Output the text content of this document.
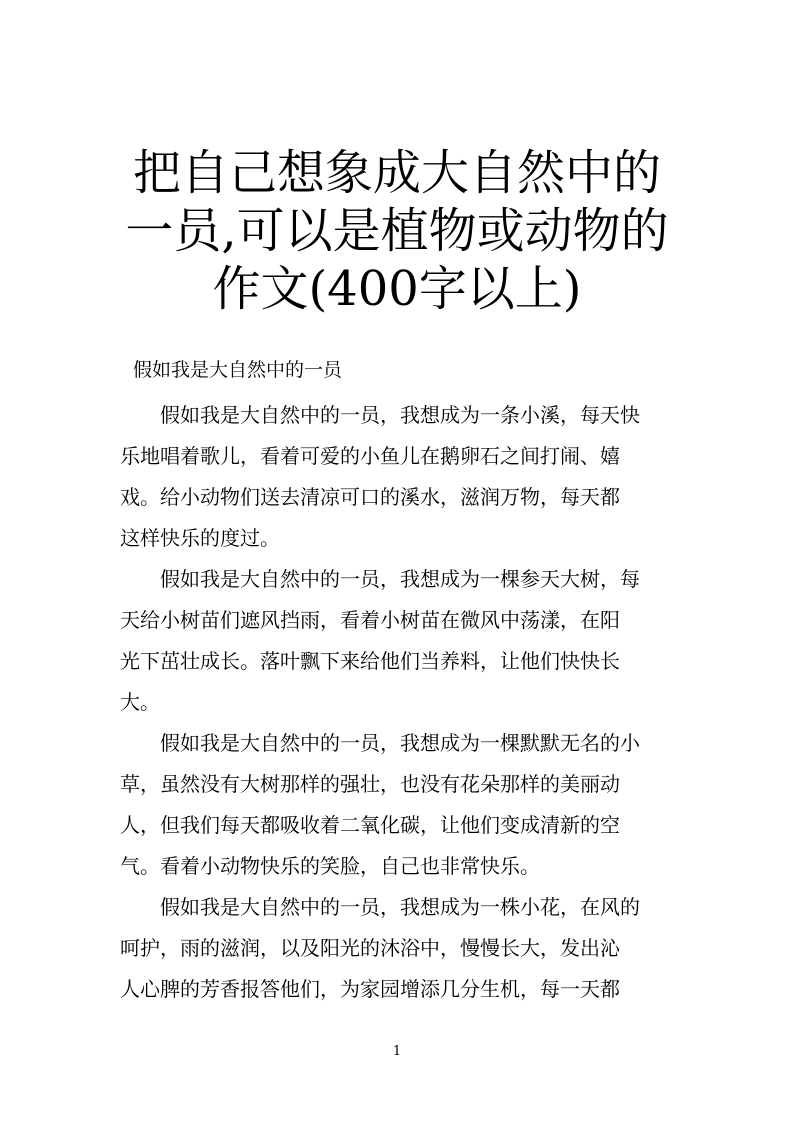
把自己想象成大自然中的
一员,可以是植物或动物的
作文(400字以上)
假如我是大自然中的一员

假如我是大自然中的一员，我想成为一条小溪，每天快
乐地唱着歌儿，看着可爱的小鱼儿在鹅卵石之间打闹、嬉
戏。给小动物们送去清凉可口的溪水，滋润万物，每天都
这样快乐的度过。

假如我是大自然中的一员，我想成为一棵参天大树，每
天给小树苗们遮风挡雨，看着小树苗在微风中荡漾，在阳
光下茁壮成长。落叶飘下来给他们当养料，让他们快快长
大。

假如我是大自然中的一员，我想成为一棵默默无名的小
草，虽然没有大树那样的强壮，也没有花朵那样的美丽动
人，但我们每天都吸收着二氧化碳，让他们变成清新的空
气。看着小动物快乐的笑脸，自己也非常快乐。

假如我是大自然中的一员，我想成为一株小花，在风的
呵护，雨的滋润，以及阳光的沐浴中，慢慢长大，发出沁
人心脾的芳香报答他们，为家园增添几分生机，每一天都

1
